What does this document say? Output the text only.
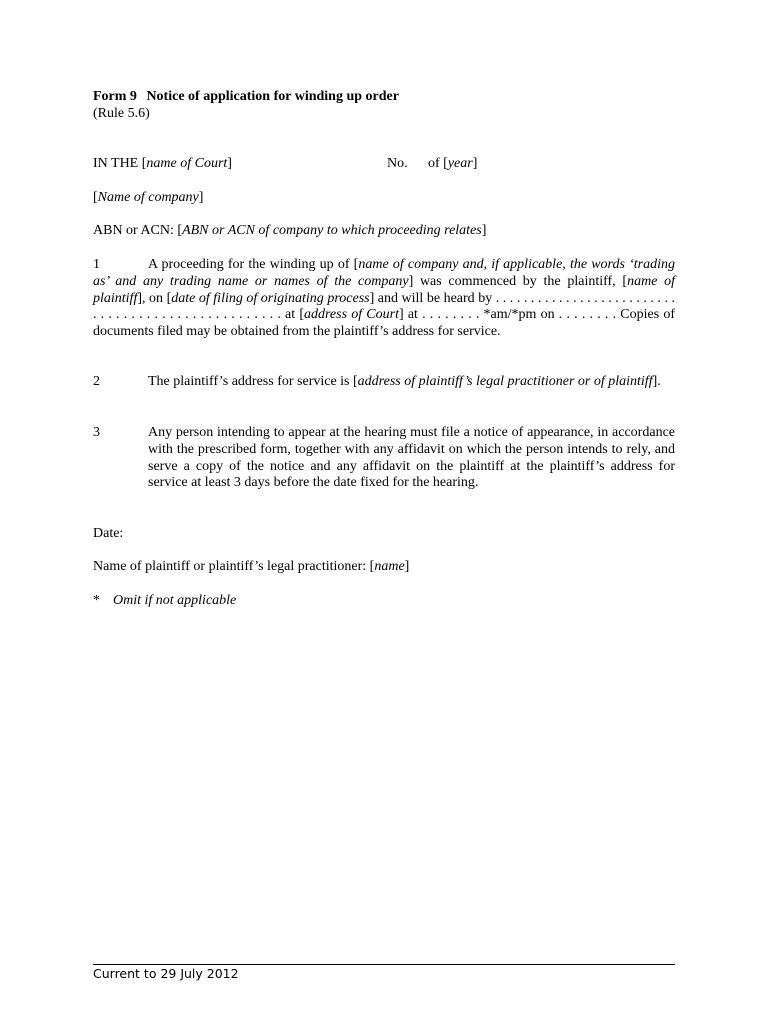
Form 9 Notice of application for winding up order
(Rule 5.6)
IN THE [name of Court]	No. of [year]
[Name of company]
ABN or ACN: [ABN or ACN of company to which proceeding relates]
1	A proceeding for the winding up of [name of company and, if applicable, the words ‘trading as’ and any trading name or names of the company] was commenced by the plaintiff, [name of plaintiff], on [date of filing of originating process] and will be heard by . . . . . . . . . . . . . . . . . . . . . . . . . . . . . . . . . . . . . . . . . . . . . . . . . . . at [address of Court] at . . . . . . . . *am/*pm on . . . . . . . . Copies of documents filed may be obtained from the plaintiff’s address for service.
2	The plaintiff’s address for service is [address of plaintiff’s legal practitioner or of plaintiff].
3	Any person intending to appear at the hearing must file a notice of appearance, in accordance with the prescribed form, together with any affidavit on which the person intends to rely, and serve a copy of the notice and any affidavit on the plaintiff at the plaintiff’s address for service at least 3 days before the date fixed for the hearing.
Date:
Name of plaintiff or plaintiff’s legal practitioner: [name]
* Omit if not applicable
Current to 29 July 2012
